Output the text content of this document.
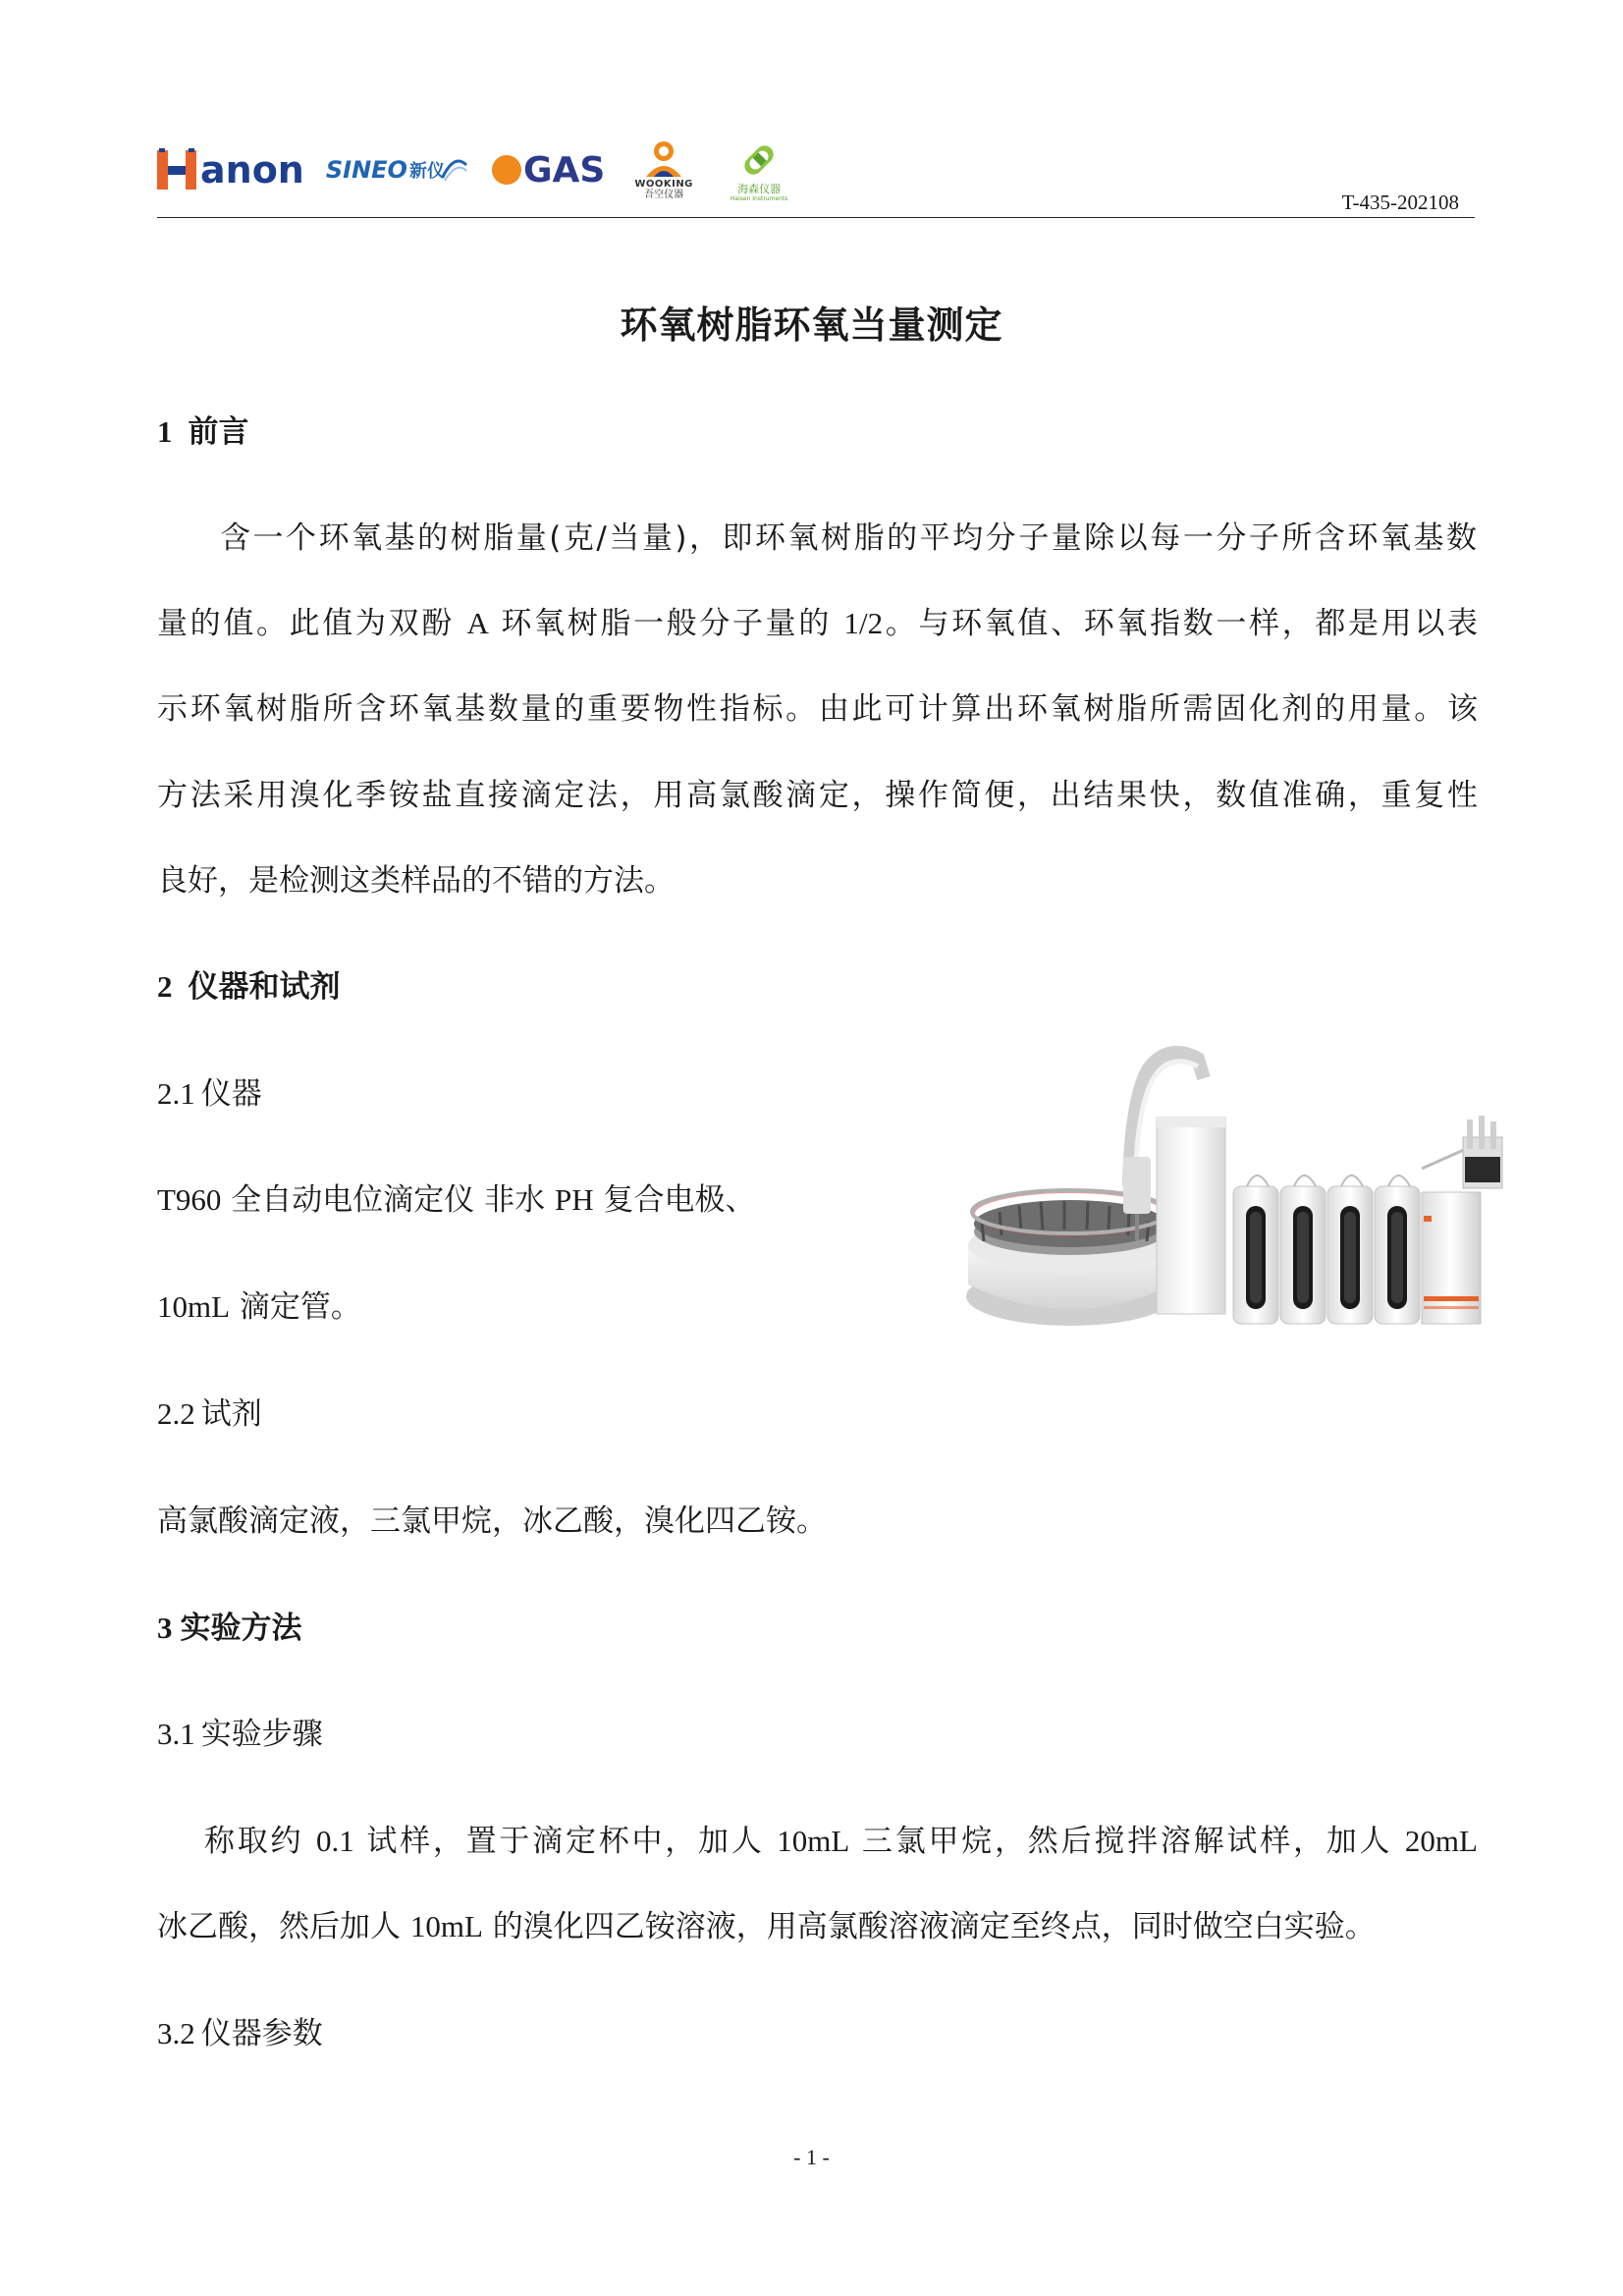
anon SINEO 新仪 GAS	WOOKING
吾空仪器	海森仪器
Haisen Instruments	T-435-202108
环氧树脂环氧当量测定
1 前言
含一个环氧基的树脂量(克/当量)，即环氧树脂的平均分子量除以每一分子所含环氧基数
量的值。此值为双酚 A 环氧树脂一般分子量的 1/2。与环氧值、环氧指数一样，都是用以表
示环氧树脂所含环氧基数量的重要物性指标。由此可计算出环氧树脂所需固化剂的用量。该
方法采用溴化季铵盐直接滴定法，用高氯酸滴定，操作简便，出结果快，数值准确，重复性
良好，是检测这类样品的不错的方法。
2 仪器和试剂
2.1 仪器
T960 全自动电位滴定仪 非水 PH 复合电极、
10mL 滴定管。
2.2 试剂
高氯酸滴定液，三氯甲烷，冰乙酸，溴化四乙铵。
3 实验方法
3.1 实验步骤
称取约 0.1 试样，置于滴定杯中，加人 10mL 三氯甲烷，然后搅拌溶解试样，加人 20mL
冰乙酸，然后加人 10mL 的溴化四乙铵溶液，用高氯酸溶液滴定至终点，同时做空白实验。
3.2 仪器参数
- 1 -
